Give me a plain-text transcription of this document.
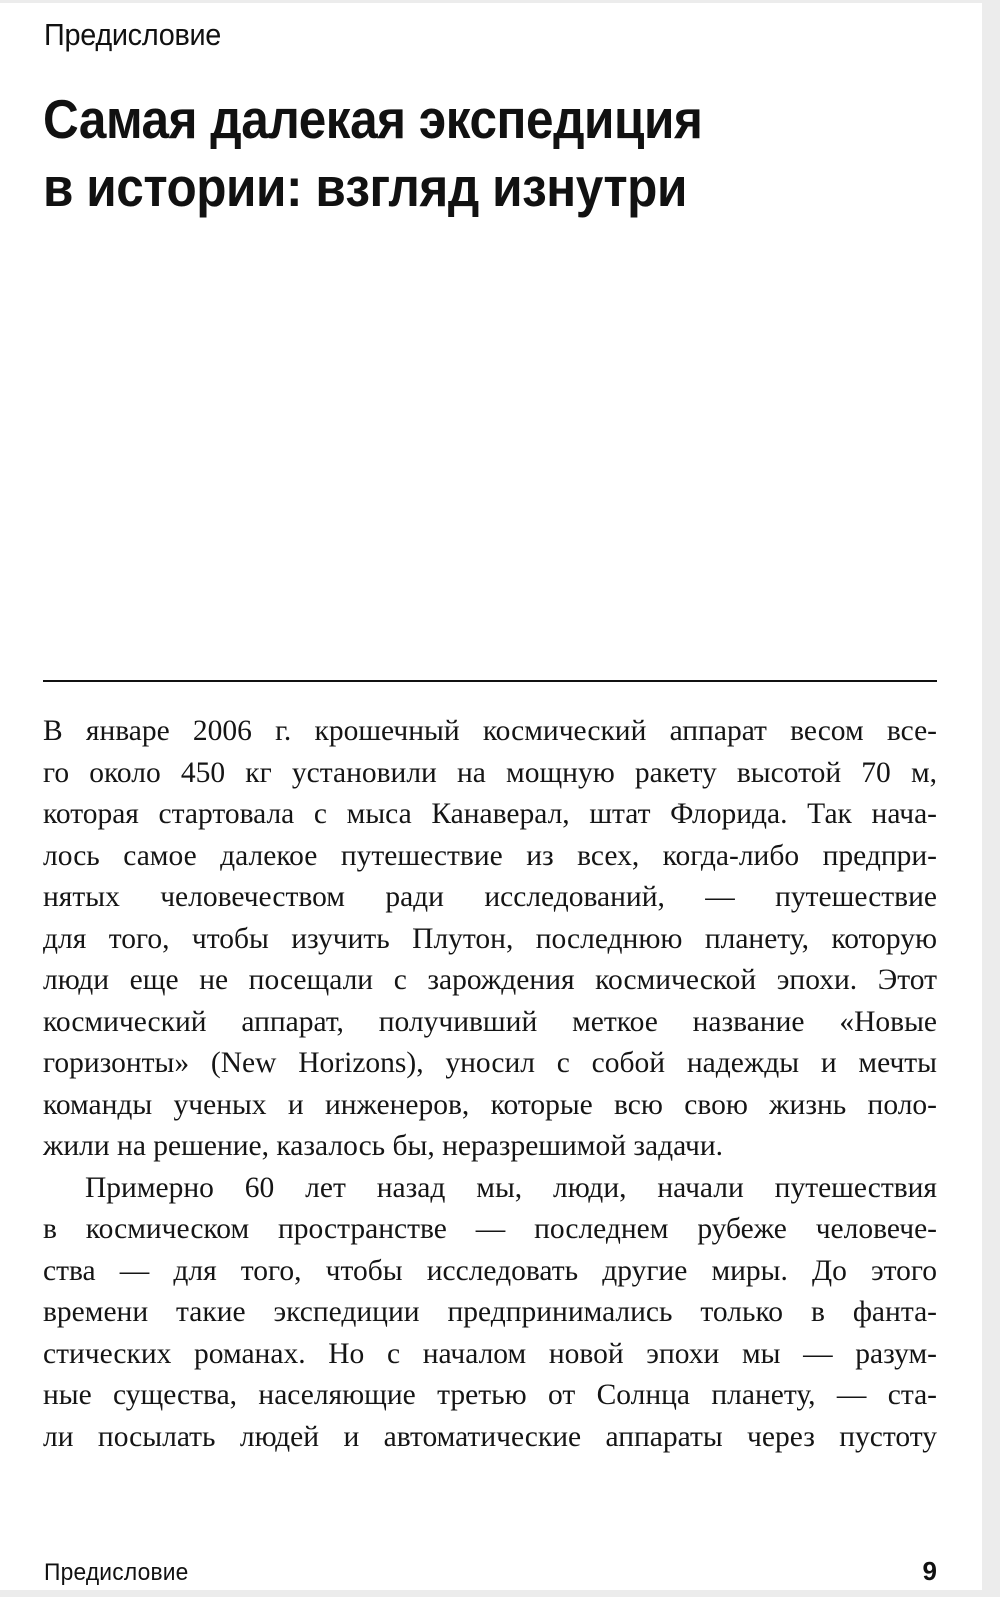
Предисловие
Самая далекая экспедиция
в истории: взгляд изнутри
В январе 2006 г. крошечный космический аппарат весом все-
го около 450 кг установили на мощную ракету высотой 70 м,
которая стартовала с мыса Канаверал, штат Флорида. Так нача-
лось самое далекое путешествие из всех, когда-либо предпри-
нятых человечеством ради исследований, — путешествие
для того, чтобы изучить Плутон, последнюю планету, которую
люди еще не посещали с зарождения космической эпохи. Этот
космический аппарат, получивший меткое название «Новые
горизонты» (New Horizons), уносил с собой надежды и мечты
команды ученых и инженеров, которые всю свою жизнь поло-
жили на решение, казалось бы, неразрешимой задачи.
Примерно 60 лет назад мы, люди, начали путешествия
в космическом пространстве — последнем рубеже человече-
ства — для того, чтобы исследовать другие миры. До этого
времени такие экспедиции предпринимались только в фанта-
стических романах. Но с началом новой эпохи мы — разум-
ные существа, населяющие третью от Солнца планету, — ста-
ли посылать людей и автоматические аппараты через пустоту
Предисловие	9
